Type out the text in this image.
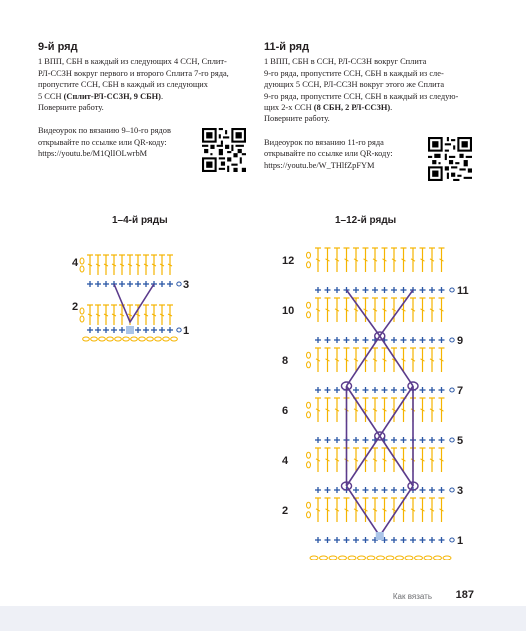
9-й ряд

1 ВПП, СБН в каждый из следующих 4 ССН, Сплит-

РЛ-ССЗН вокруг первого и второго Сплита 7-го ряда,

пропустите ССН, СБН в каждый из следующих

5 ССН (Сплит-РЛ-ССЗН, 9 СБН).

Поверните работу.

Видеоурок по вязанию 9–10-го рядов

открывайте по ссылке или QR-коду:

https://youtu.be/M1QlIOLwrbM

11-й ряд

1 ВПП, СБН в ССН, РЛ-ССЗН вокруг Сплита

9-го ряда, пропустите ССН, СБН в каждый из сле-

дующих 5 ССН, РЛ-ССЗН вокруг этого же Сплита

9-го ряда, пропустите ССН, СБН в каждый из следую-

щих 2-х ССН (8 СБН, 2 РЛ-ССЗН).

Поверните работу.

Видеоурок по вязанию 11-го ряда

открывайте по ссылке или QR-коду:

https://youtu.be/W_THlfZpFYM

1–4-й ряды	1–12-й ряды
4
3
2
1
12
10
8
6
4
2
11
9
7
5
3
1
Как вязать 187
